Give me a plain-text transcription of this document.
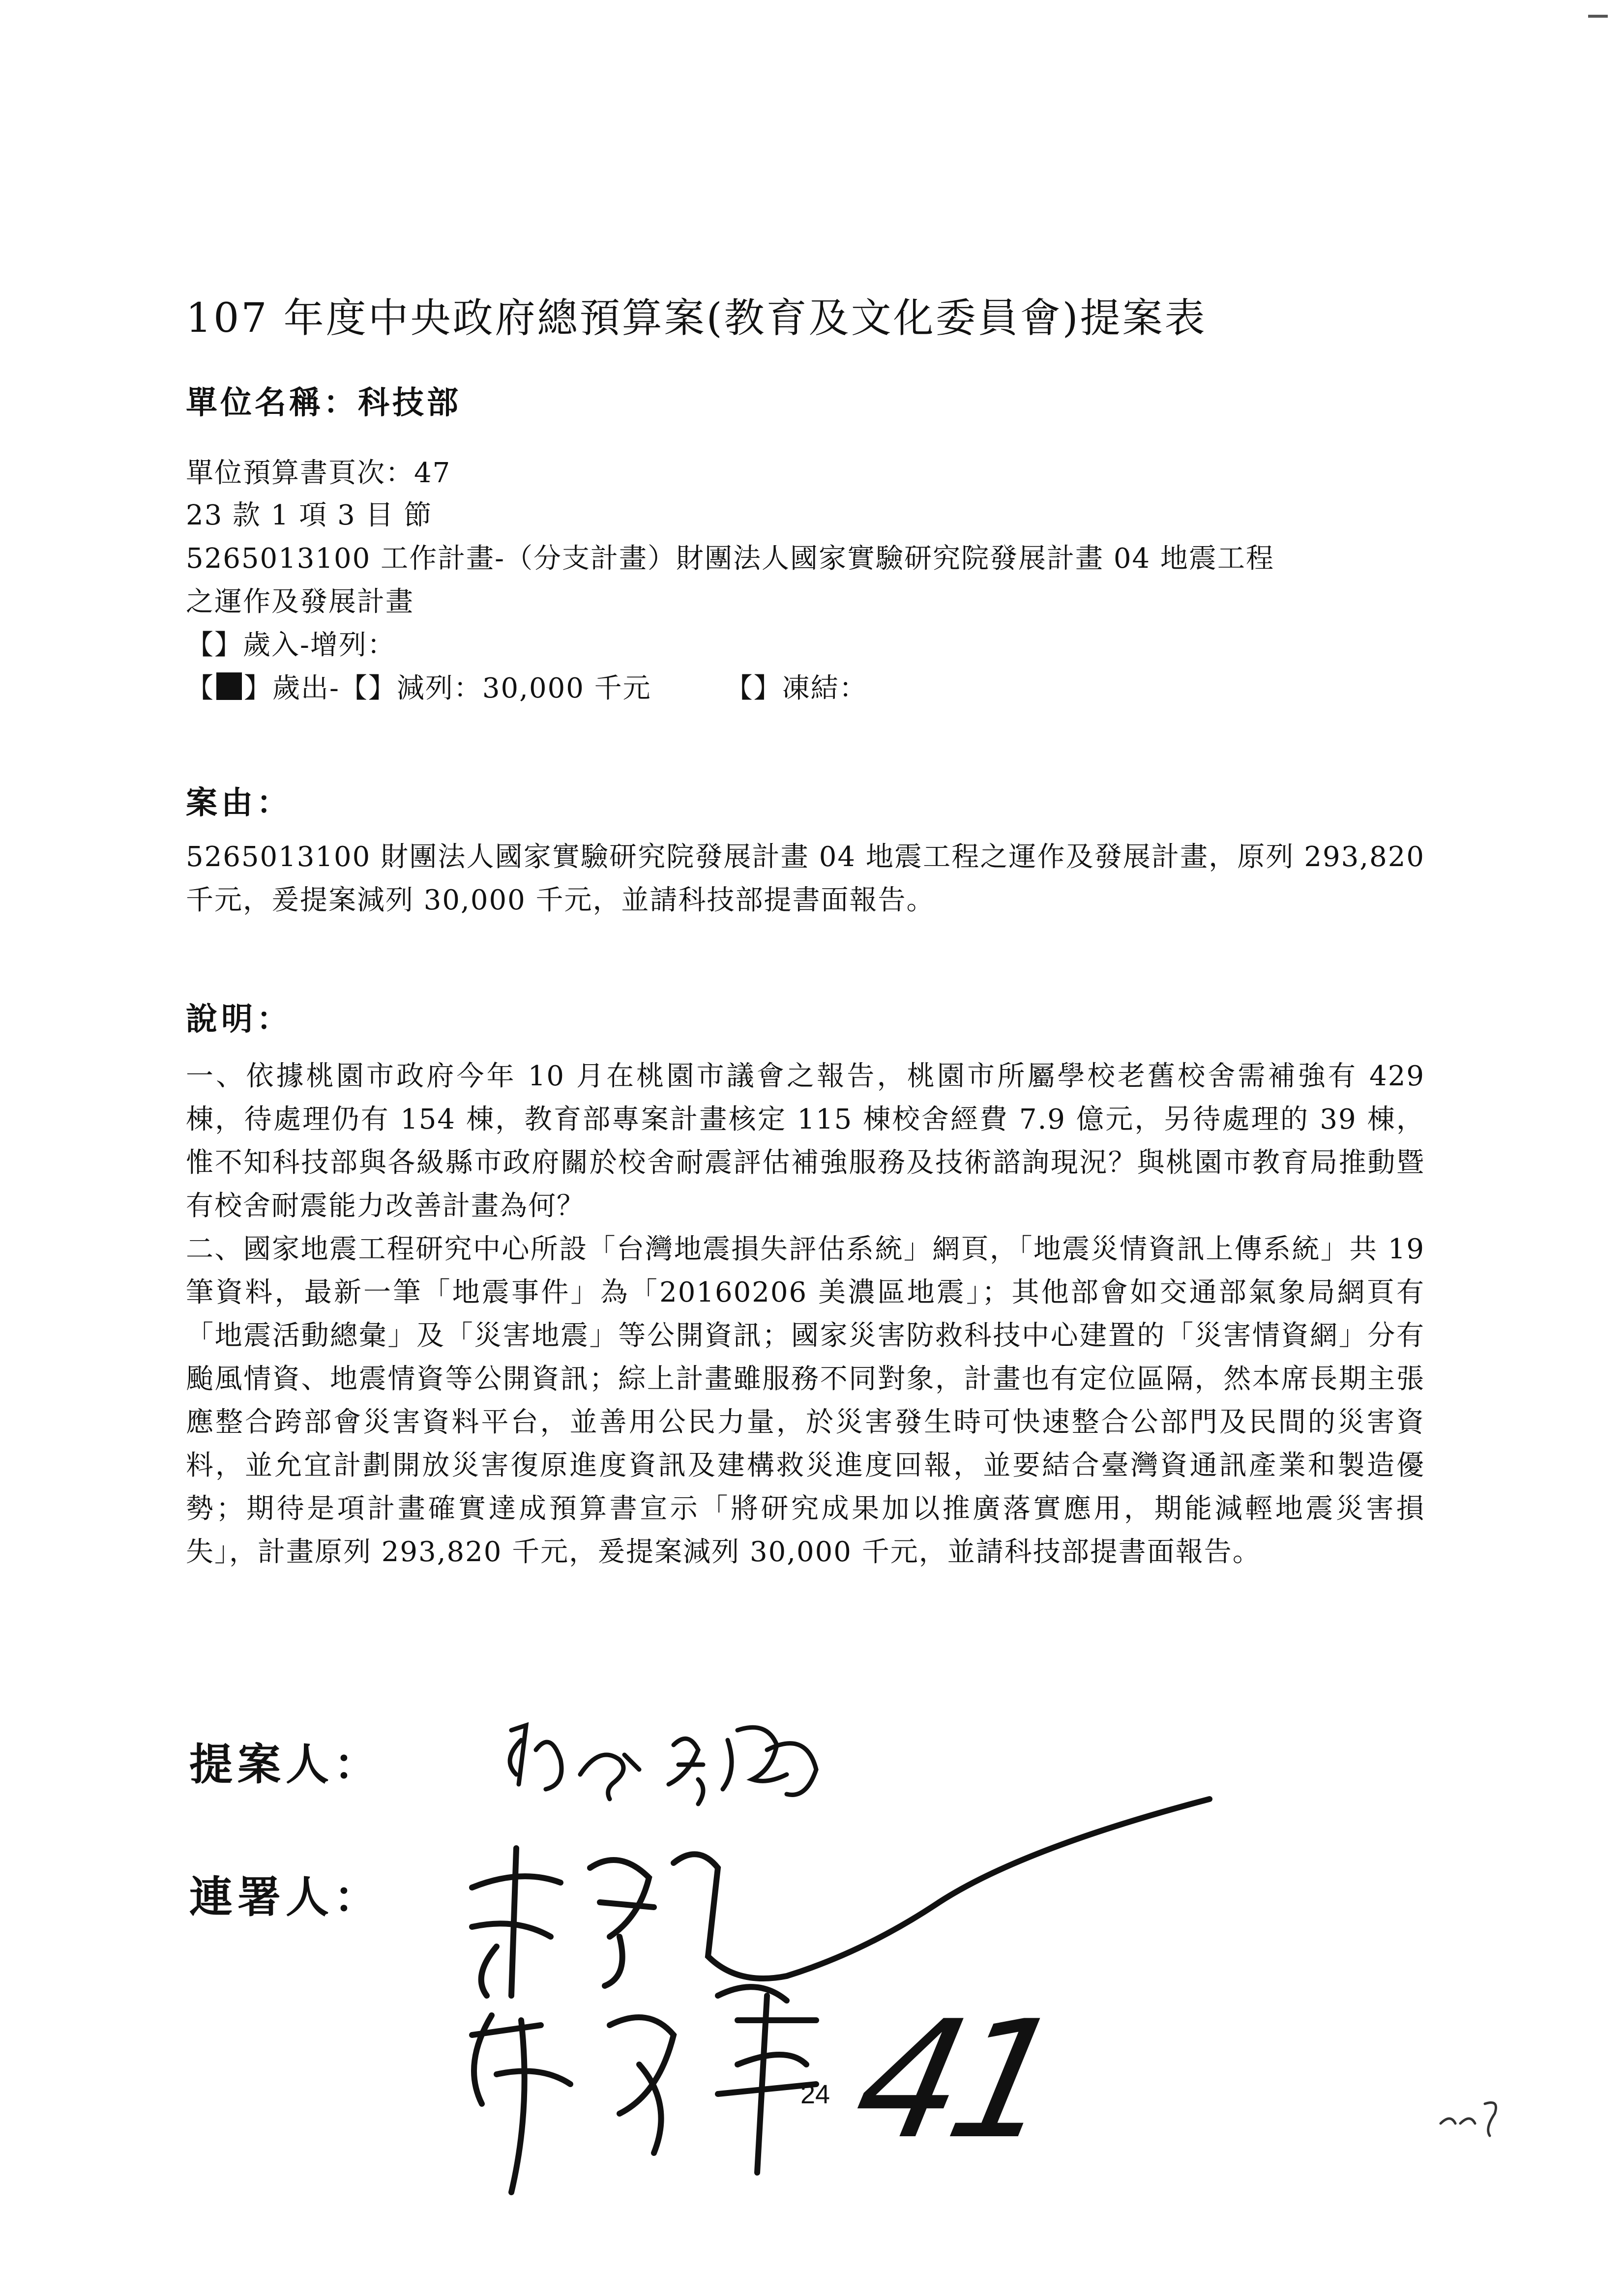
107 年度中央政府總預算案(教育及文化委員會)提案表
單位名稱：科技部
單位預算書頁次：47
23 款 1 項 3 目 節
5265013100 工作計畫-（分支計畫）財團法人國家實驗研究院發展計畫 04 地震工程
之運作及發展計畫
【】歲入-增列：
【 】歲出-【】減列：30,000 千元	【】凍結：
案由：
5265013100 財團法人國家實驗研究院發展計畫 04 地震工程之運作及發展計畫，原列 293,820 千元，爰提案減列 30,000 千元，並請科技部提書面報告。
說明：
一、依據桃園市政府今年 10 月在桃園市議會之報告，桃園市所屬學校老舊校舍需補強有 429 棟，待處理仍有 154 棟，教育部專案計畫核定 115 棟校舍經費 7.9 億元，另待處理的 39 棟，惟不知科技部與各級縣市政府關於校舍耐震評估補強服務及技術諮詢現況？與桃園市教育局推動暨有校舍耐震能力改善計畫為何？
二、國家地震工程研究中心所設「台灣地震損失評估系統」網頁，「地震災情資訊上傳系統」共 19 筆資料，最新一筆「地震事件」為「20160206 美濃區地震」；其他部會如交通部氣象局網頁有「地震活動總彙」及「災害地震」等公開資訊；國家災害防救科技中心建置的「災害情資網」分有颱風情資、地震情資等公開資訊；綜上計畫雖服務不同對象，計畫也有定位區隔，然本席長期主張應整合跨部會災害資料平台，並善用公民力量，於災害發生時可快速整合公部門及民間的災害資料，並允宜計劃開放災害復原進度資訊及建構救災進度回報，並要結合臺灣資通訊產業和製造優勢；期待是項計畫確實達成預算書宣示「將研究成果加以推廣落實應用，期能減輕地震災害損失」，計畫原列 293,820 千元，爰提案減列 30,000 千元，並請科技部提書面報告。
提案人：
連署人：
24 41
